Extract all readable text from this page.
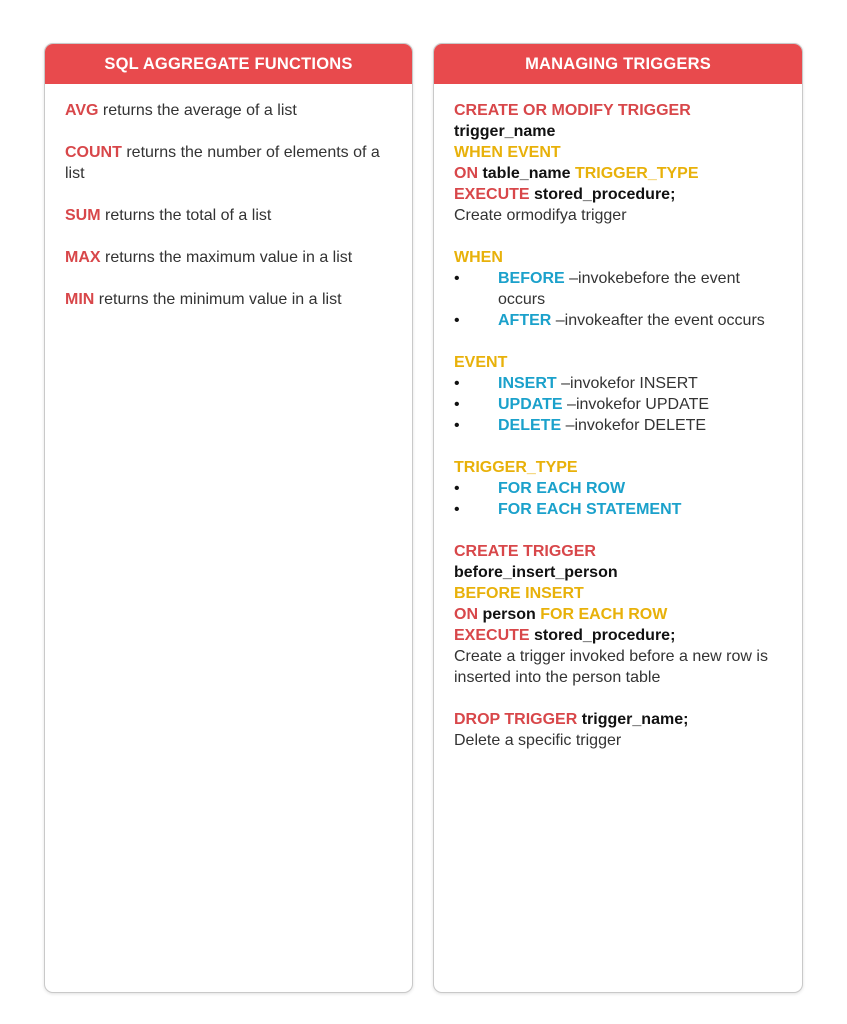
SQL AGGREGATE FUNCTIONS

AVG returns the average of a list

COUNT returns the number of elements of a list

SUM returns the total of a list

MAX returns the maximum value in a list

MIN returns the minimum value in a list

MANAGING TRIGGERS
CREATE OR MODIFY TRIGGER
trigger_name
WHEN EVENT
ON table_name TRIGGER_TYPE
EXECUTE stored_procedure;
Create ormodifya trigger
WHEN
• BEFORE –invokebefore the event occurs
• AFTER –invokeafter the event occurs
EVENT
• INSERT –invokefor INSERT
• UPDATE –invokefor UPDATE
• DELETE –invokefor DELETE
TRIGGER_TYPE
• FOR EACH ROW
• FOR EACH STATEMENT
CREATE TRIGGER
before_insert_person
BEFORE INSERT
ON person FOR EACH ROW
EXECUTE stored_procedure;
Create a trigger invoked before a new row is inserted into the person table
DROP TRIGGER trigger_name;
Delete a specific trigger
